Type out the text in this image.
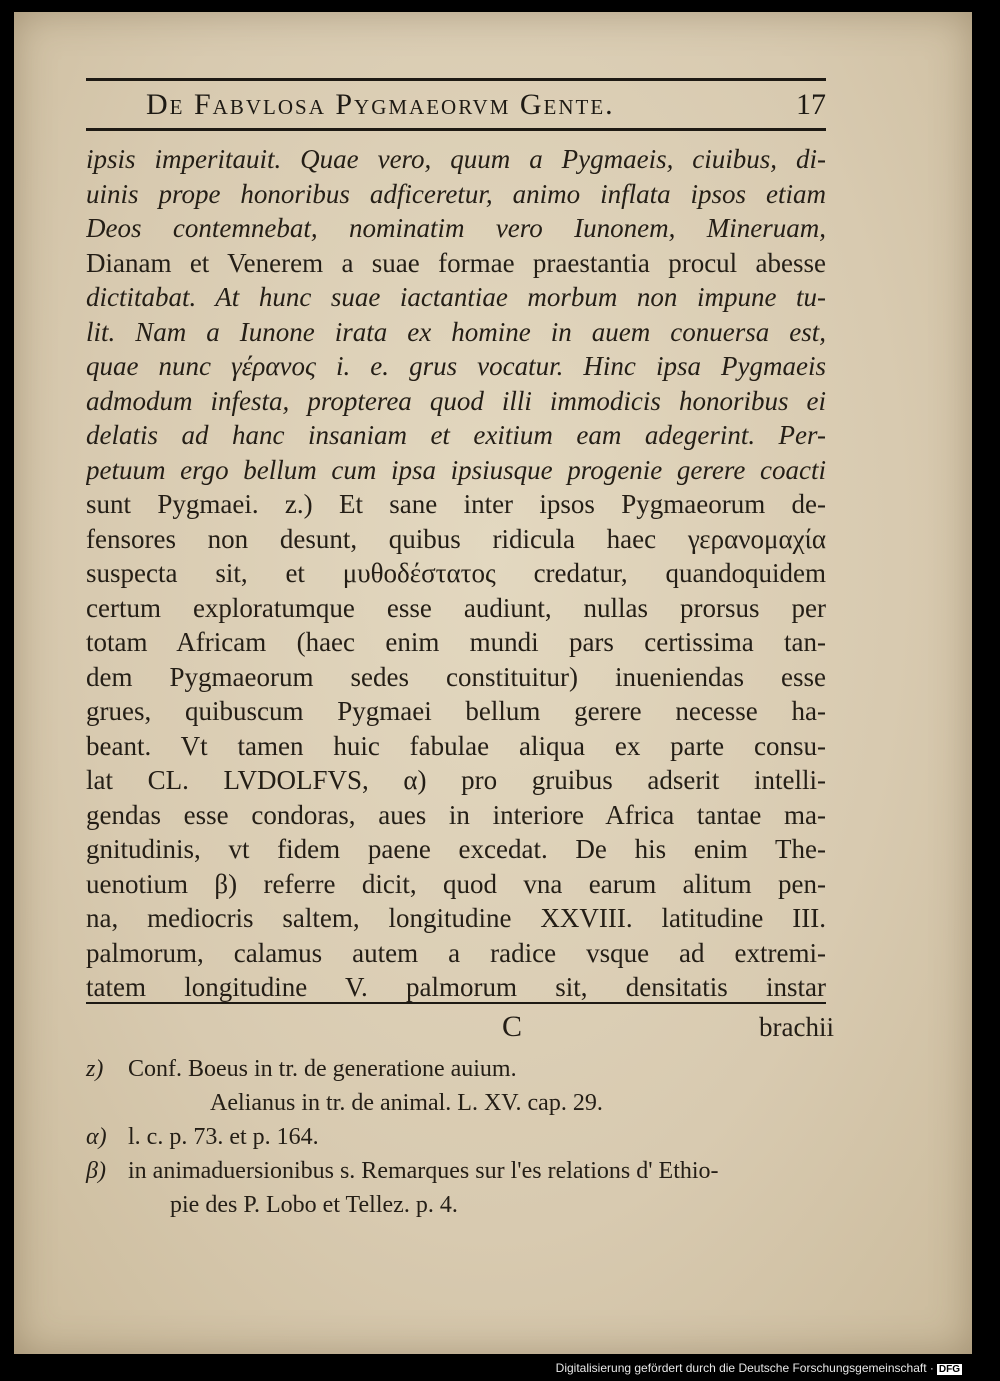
De Fabvlosa Pygmaeorvm Gente.	17
ipsis imperitauit. Quae vero, quum a Pygmaeis, ciuibus, di-
uinis prope honoribus adficeretur, animo inflata ipsos etiam
Deos contemnebat, nominatim vero Iunonem, Mineruam,
Dianam et Venerem a suae formae praestantia procul abesse
dictitabat. At hunc suae iactantiae morbum non impune tu-
lit. Nam a Iunone irata ex homine in auem conuersa est,
quae nunc γέρανος i. e. grus vocatur. Hinc ipsa Pygmaeis
admodum infesta, propterea quod illi immodicis honoribus ei
delatis ad hanc insaniam et exitium eam adegerint. Per-
petuum ergo bellum cum ipsa ipsiusque progenie gerere coacti
sunt Pygmaei. z.) Et sane inter ipsos Pygmaeorum de-
fensores non desunt, quibus ridicula haec γερανομαχία
suspecta sit, et μυθοδέστατος credatur, quandoquidem
certum exploratumque esse audiunt, nullas prorsus per
totam Africam (haec enim mundi pars certissima tan-
dem Pygmaeorum sedes constituitur) inueniendas esse
grues, quibuscum Pygmaei bellum gerere necesse ha-
beant. Vt tamen huic fabulae aliqua ex parte consu-
lat CL. LVDOLFVS, α) pro gruibus adserit intelli-
gendas esse condoras, aues in interiore Africa tantae ma-
gnitudinis, vt fidem paene excedat. De his enim The-
uenotium β) referre dicit, quod vna earum alitum pen-
na, mediocris saltem, longitudine XXVIII. latitudine III.
palmorum, calamus autem a radice vsque ad extremi-
tatem longitudine V. palmorum sit, densitatis instar
C	brachii
z) Conf. Boeus in tr. de generatione auium.
Aelianus in tr. de animal. L. XV. cap. 29.
α) l. c. p. 73. et p. 164.
β) in animaduersionibus s. Remarques sur l'es relations d' Ethio-
pie des P. Lobo et Tellez. p. 4.
Digitalisierung gefördert durch die Deutsche Forschungsgemeinschaft · DFG
